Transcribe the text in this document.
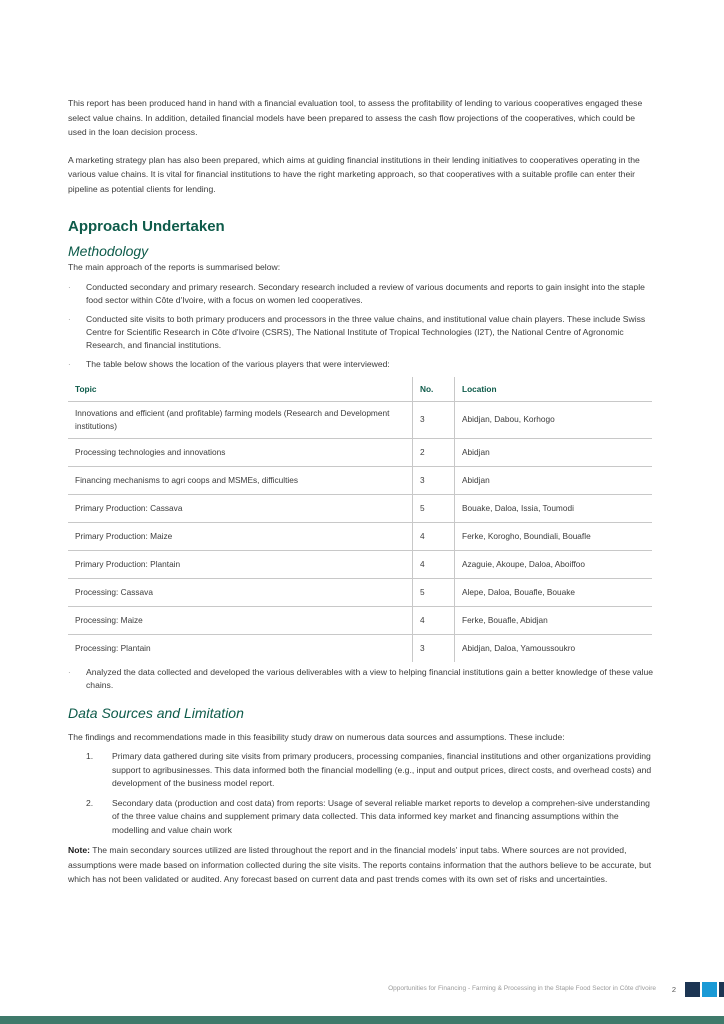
This report has been produced hand in hand with a financial evaluation tool, to assess the profitability of lending to various cooperatives engaged these select value chains. In addition, detailed financial models have been prepared to assess the cash flow projections of the cooperatives, which could be used in the loan decision process.

A marketing strategy plan has also been prepared, which aims at guiding financial institutions in their lending initiatives to cooperatives operating in the various value chains. It is vital for financial institutions to have the right marketing approach, so that cooperatives with a suitable profile can enter their pipeline as potential clients for lending.

Approach Undertaken
Methodology

The main approach of the reports is summarised below:

· Conducted secondary and primary research. Secondary research included a review of various documents and reports to gain insight into the staple food sector within Côte d'Ivoire, with a focus on women led cooperatives.
· Conducted site visits to both primary producers and processors in the three value chains, and institutional value chain players. These include Swiss Centre for Scientific Research in Côte d'Ivoire (CSRS), The National Institute of Tropical Technologies (I2T), the National Centre of Agronomic Research, and financial institutions.
· The table below shows the location of the various players that were interviewed:
Topic	No.	Location
Innovations and efficient (and profitable) farming models (Research and Development institutions)	3	Abidjan, Dabou, Korhogo
Processing technologies and innovations	2	Abidjan
Financing mechanisms to agri coops and MSMEs, difficulties	3	Abidjan
Primary Production: Cassava	5	Bouake, Daloa, Issia, Toumodi
Primary Production: Maize	4	Ferke, Korogho, Boundiali, Bouafle
Primary Production: Plantain	4	Azaguie, Akoupe, Daloa, Aboiffoo
Processing: Cassava	5	Alepe, Daloa, Bouafle, Bouake
Processing: Maize	4	Ferke, Bouafle, Abidjan
Processing: Plantain	3	Abidjan, Daloa, Yamoussoukro
· Analyzed the data collected and developed the various deliverables with a view to helping financial institutions gain a better knowledge of these value chains.
Data Sources and Limitation

The findings and recommendations made in this feasibility study draw on numerous data sources and assumptions. These include:

1. Primary data gathered during site visits from primary producers, processing companies, financial institutions and other organizations providing support to agribusinesses. This data informed both the financial modelling (e.g., input and output prices, direct costs, and overhead costs) and development of the business model report.
2. Secondary data (production and cost data) from reports: Usage of several reliable market reports to develop a comprehen-sive understanding of the three value chains and supplement primary data collected. This data informed key market and financing assumptions within the modelling and value chain work

Note: The main secondary sources utilized are listed throughout the report and in the financial models' input tabs. Where sources are not provided, assumptions were made based on information collected during the site visits. The reports contains information that the authors believe to be accurate, but which has not been validated or audited. Any forecast based on current data and past trends comes with its own set of risks and uncertainties.

Opportunities for Financing - Farming & Processing in the Staple Food Sector in Côte d'Ivoire 2
